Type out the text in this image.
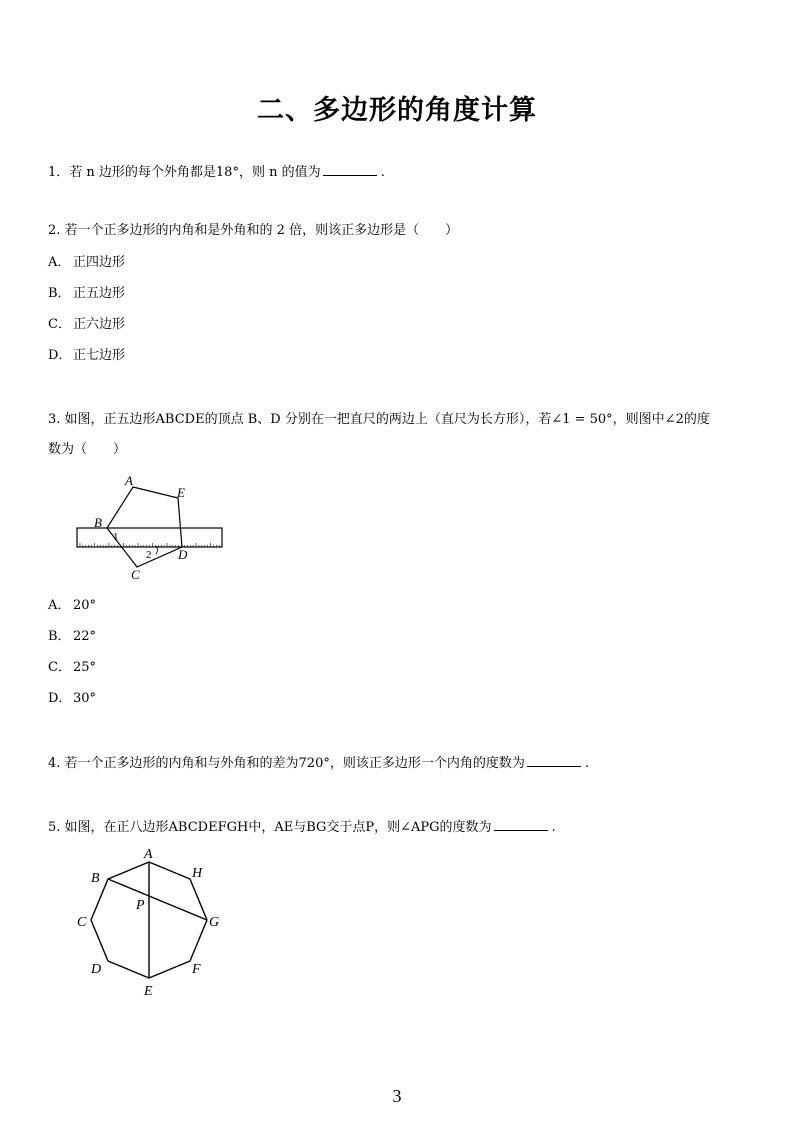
二、多边形的角度计算
1．若 n 边形的每个外角都是18°，则 n 的值为	.
2. 若一个正多边形的内角和是外角和的 2 倍，则该正多边形是（　　）
A． 正四边形
B． 正五边形
C． 正六边形
D． 正七边形
3. 如图，正五边形ABCDE的顶点 B、D 分别在一把直尺的两边上（直尺为长方形），若∠1 = 50°，则图中∠2的度
数为（　　）
A
E
B
1
2 D
C
A． 20°
B． 22°
C． 25°
D． 30°
4. 若一个正多边形的内角和与外角和的差为720°，则该正多边形一个内角的度数为	.
5. 如图，在正八边形ABCDEFGH中，AE与BG交于点P，则∠APG的度数为	.
A
H
B
P
C	G
D	F
E
3
